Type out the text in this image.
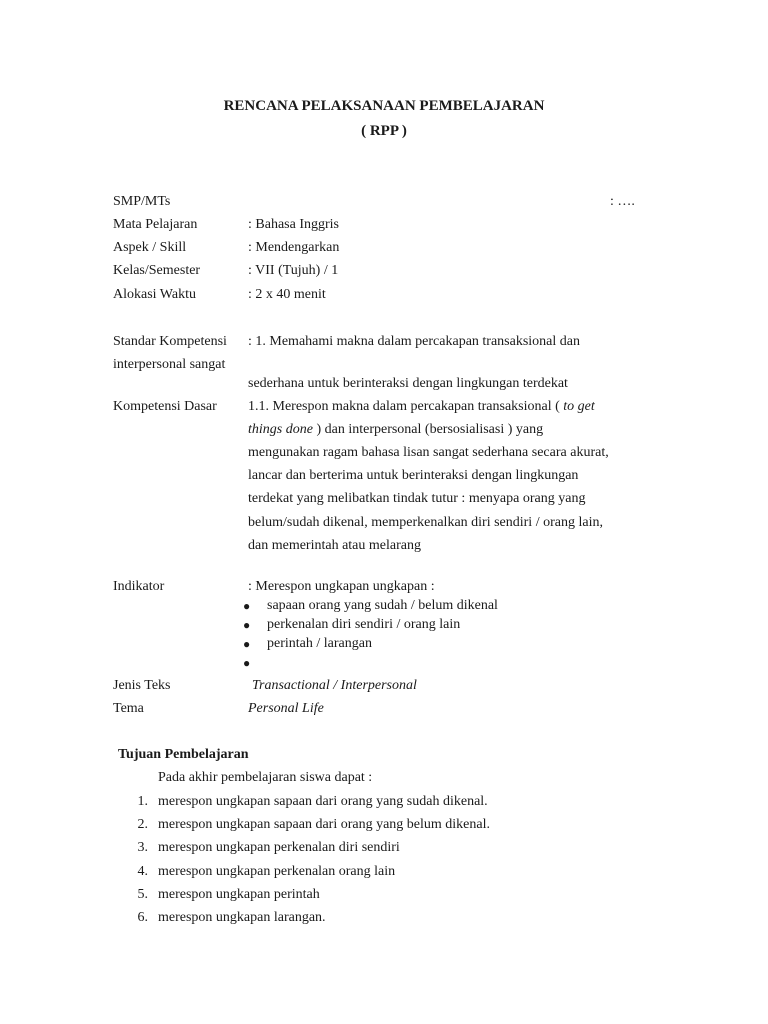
RENCANA PELAKSANAAN PEMBELAJARAN
( RPP )
SMP/MTs	: ….
Mata Pelajaran	: Bahasa Inggris
Aspek / Skill	: Mendengarkan
Kelas/Semester	: VII (Tujuh) / 1
Alokasi Waktu	: 2 x 40 menit
Standar Kompetensi : 1. Memahami makna dalam percakapan transaksional dan
interpersonal sangat
sederhana untuk berinteraksi dengan lingkungan terdekat
Kompetensi Dasar 1.1. Merespon makna dalam percakapan transaksional ( to get
things done ) dan interpersonal (bersosialisasi ) yang
mengunakan ragam bahasa lisan sangat sederhana secara akurat,
lancar dan berterima untuk berinteraksi dengan lingkungan
terdekat yang melibatkan tindak tutur : menyapa orang yang
belum/sudah dikenal, memperkenalkan diri sendiri / orang lain,
dan memerintah atau melarang
Indikator	: Merespon ungkapan ungkapan :
● sapaan orang yang sudah / belum dikenal
● perkenalan diri sendiri / orang lain
● perintah / larangan
●
Jenis Teks	Transactional / Interpersonal
Tema	Personal Life
Tujuan Pembelajaran
Pada akhir pembelajaran siswa dapat :
1. merespon ungkapan sapaan dari orang yang sudah dikenal.
2. merespon ungkapan sapaan dari orang yang belum dikenal.
3. merespon ungkapan perkenalan diri sendiri
4. merespon ungkapan perkenalan orang lain
5. merespon ungkapan perintah
6. merespon ungkapan larangan.
